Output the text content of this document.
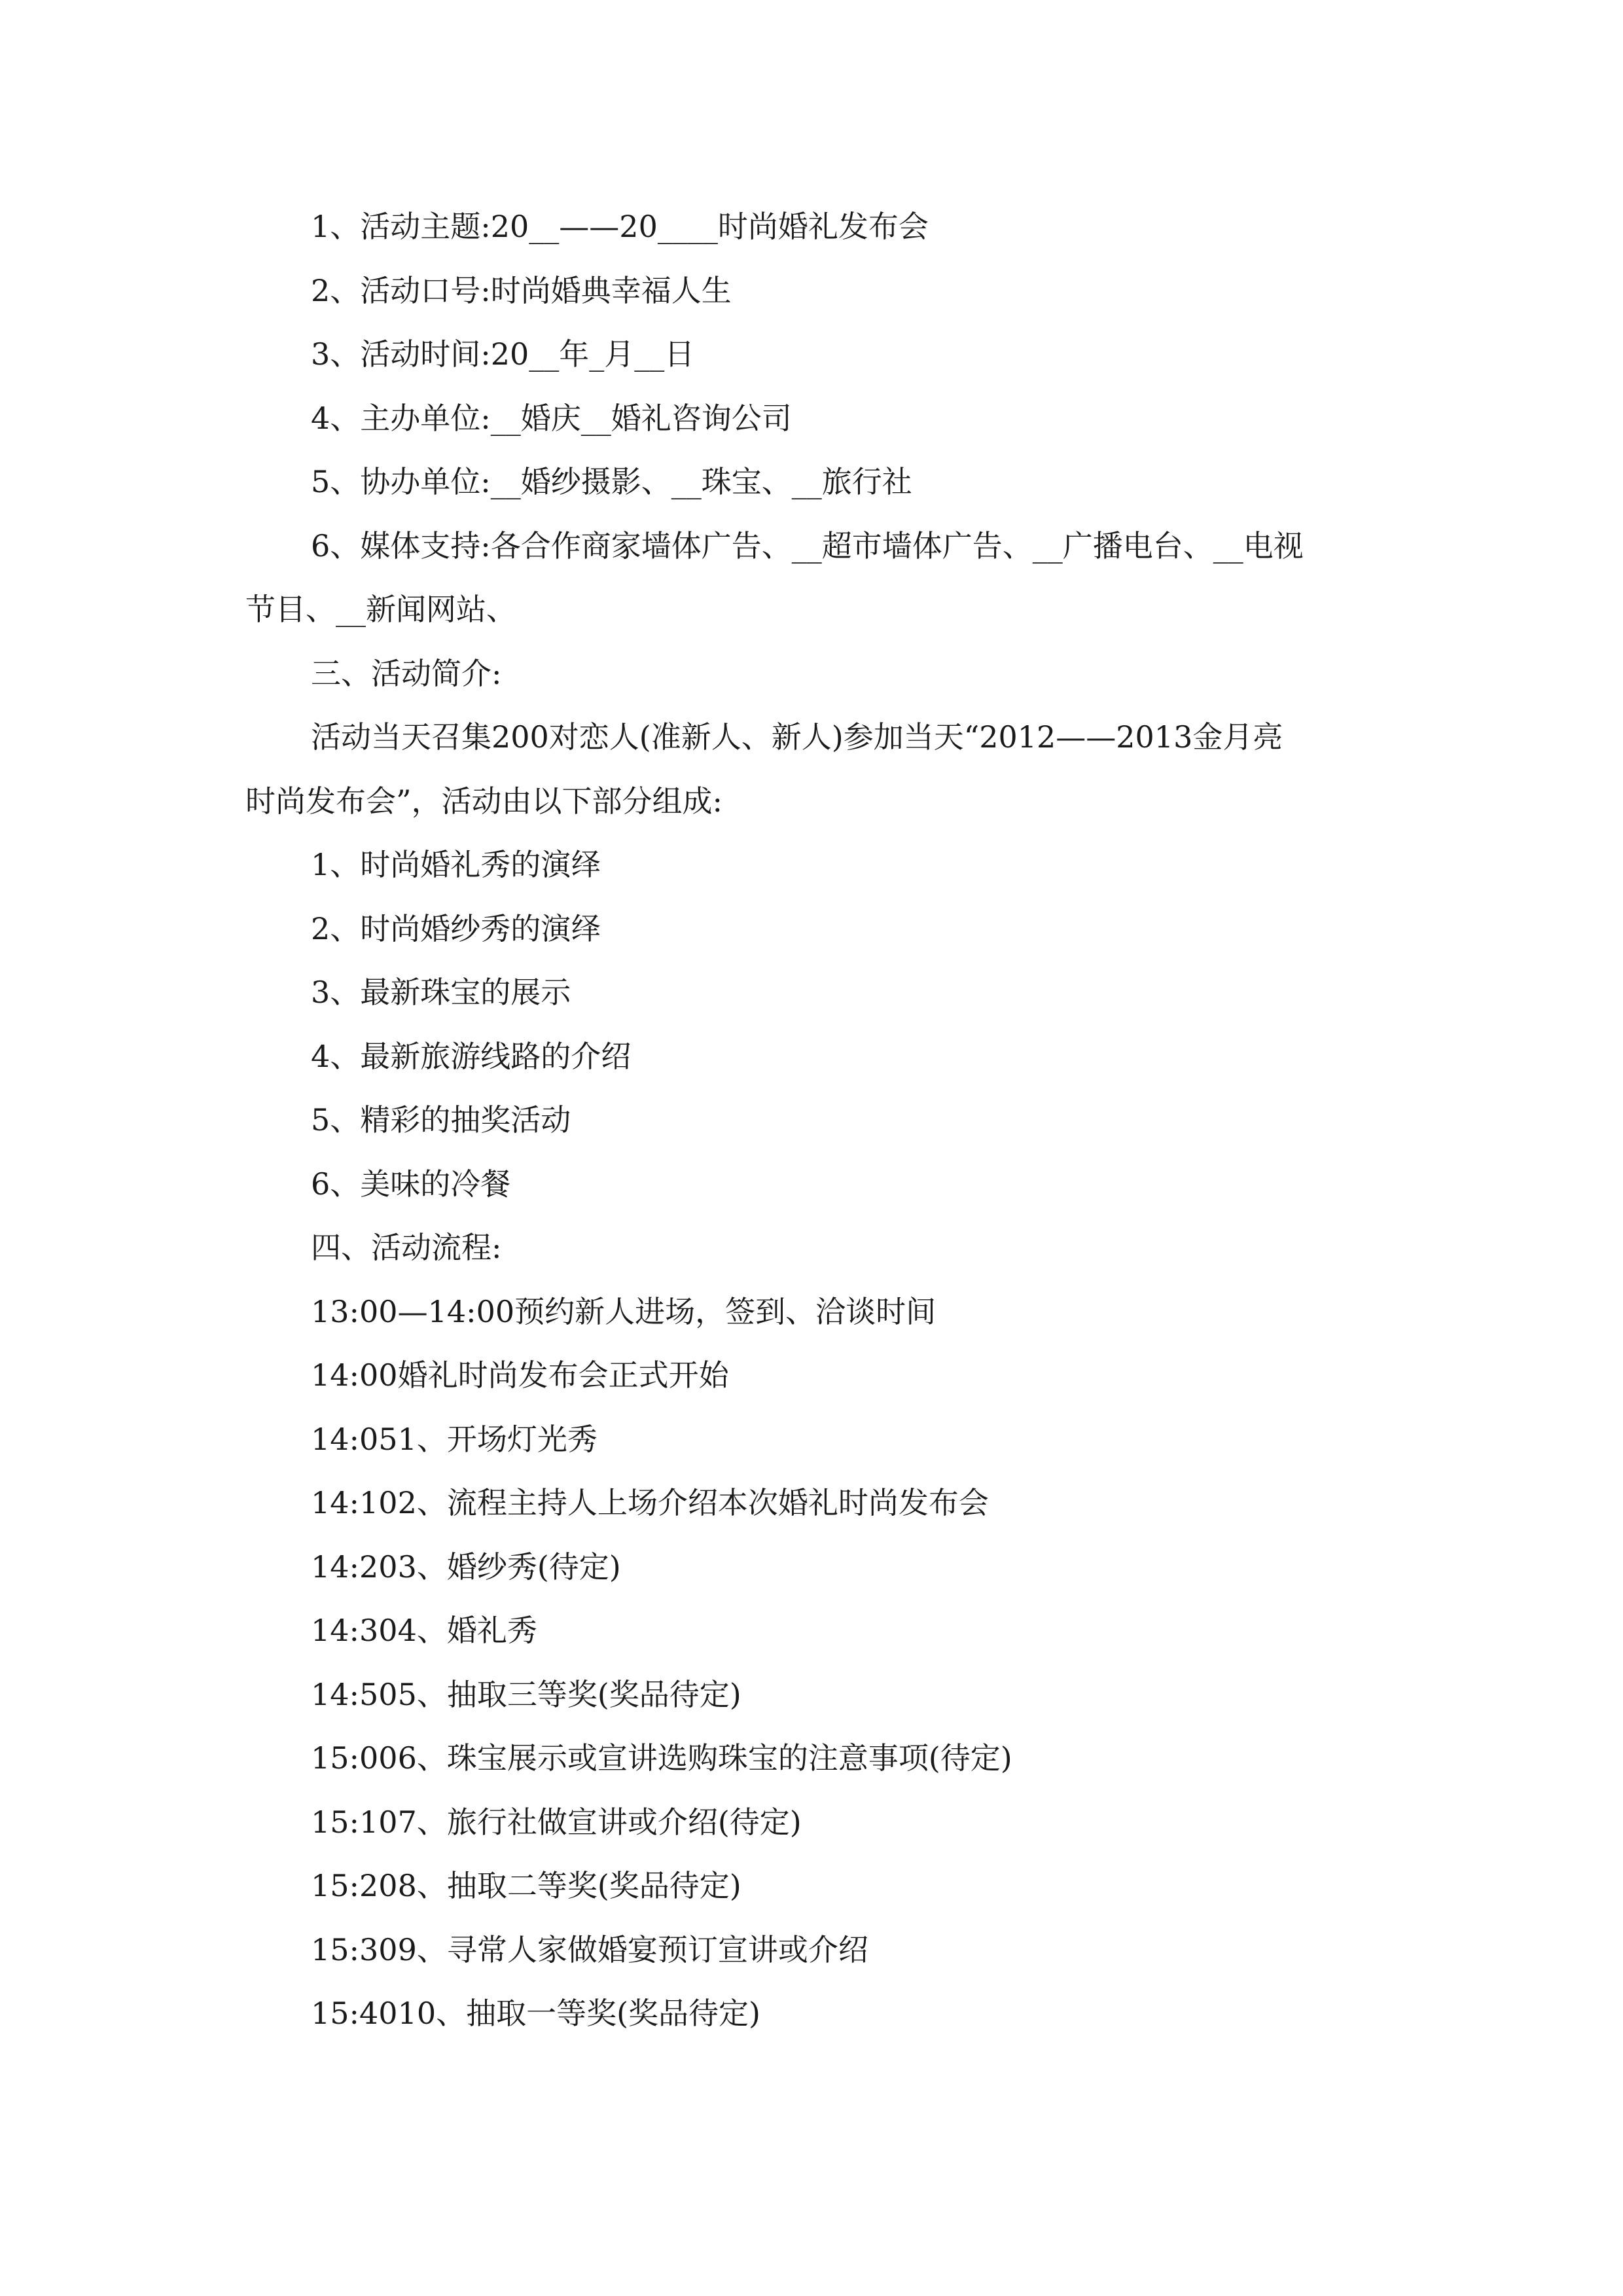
1、活动主题:20__——20____时尚婚礼发布会
2、活动口号:时尚婚典幸福人生
3、活动时间:20__年_月__日
4、主办单位:__婚庆__婚礼咨询公司
5、协办单位:__婚纱摄影、__珠宝、__旅行社
6、媒体支持:各合作商家墙体广告、__超市墙体广告、__广播电台、__电视
节目、__新闻网站、
三、活动简介:
活动当天召集200对恋人(准新人、新人)参加当天“2012——2013金月亮
时尚发布会”，活动由以下部分组成:
1、时尚婚礼秀的演绎
2、时尚婚纱秀的演绎
3、最新珠宝的展示
4、最新旅游线路的介绍
5、精彩的抽奖活动
6、美味的冷餐
四、活动流程:
13:00—14:00预约新人进场，签到、洽谈时间
14:00婚礼时尚发布会正式开始
14:051、开场灯光秀
14:102、流程主持人上场介绍本次婚礼时尚发布会
14:203、婚纱秀(待定)
14:304、婚礼秀
14:505、抽取三等奖(奖品待定)
15:006、珠宝展示或宣讲选购珠宝的注意事项(待定)
15:107、旅行社做宣讲或介绍(待定)
15:208、抽取二等奖(奖品待定)
15:309、寻常人家做婚宴预订宣讲或介绍
15:4010、抽取一等奖(奖品待定)
